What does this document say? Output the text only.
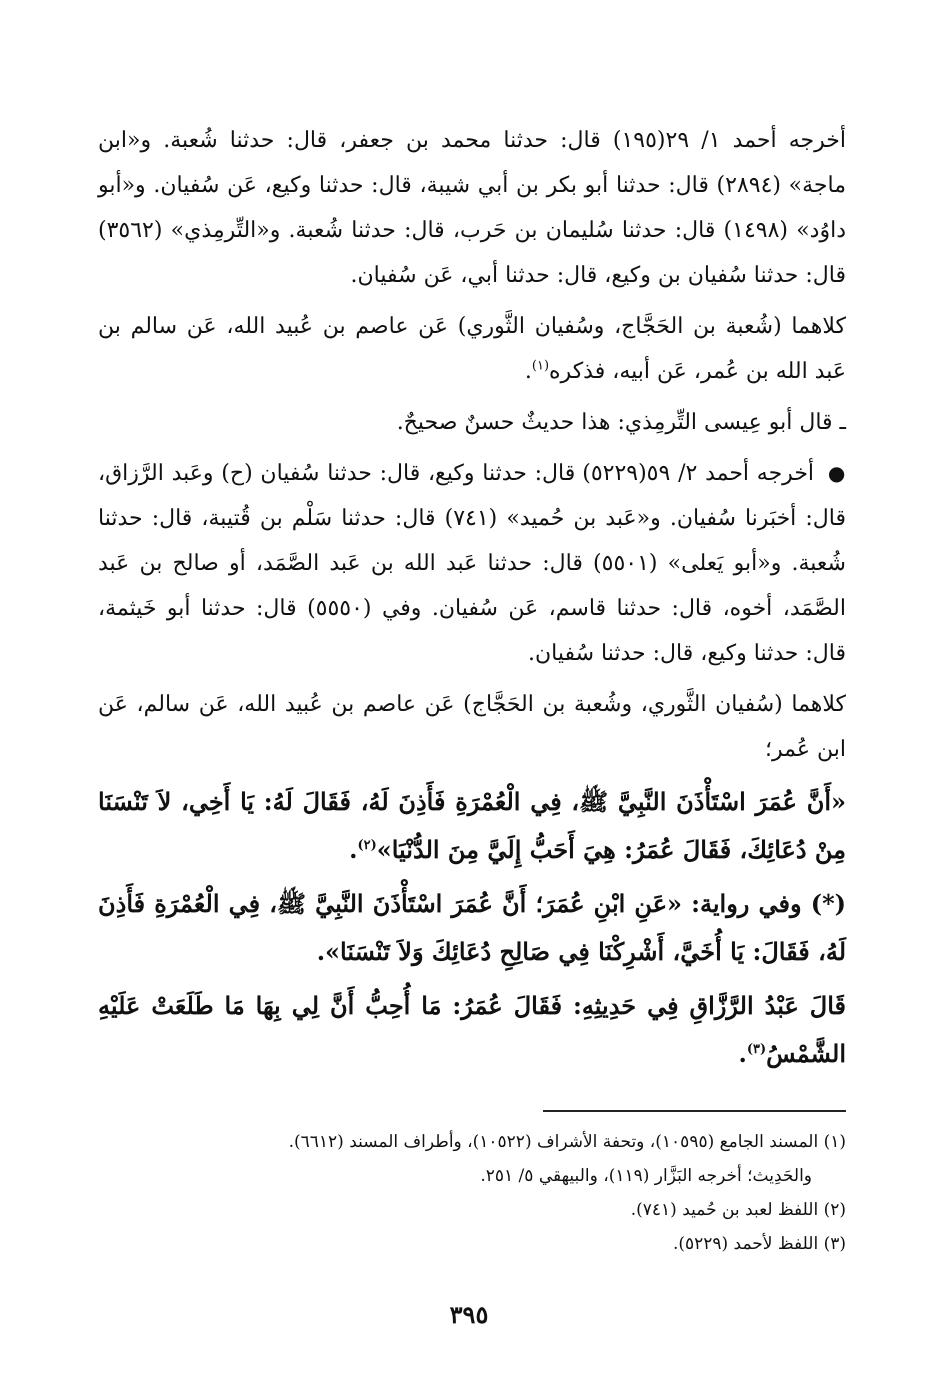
أخرجه أحمد ١/ ٢٩(١٩٥) قال: حدثنا محمد بن جعفر، قال: حدثنا شُعبة. و«ابن ماجة» (٢٨٩٤) قال: حدثنا أبو بكر بن أبي شيبة، قال: حدثنا وكيع، عَن سُفيان. و«أبو داوُد» (١٤٩٨) قال: حدثنا سُليمان بن حَرب، قال: حدثنا شُعبة. و«التِّرمِذي» (٣٥٦٢) قال: حدثنا سُفيان بن وكيع، قال: حدثنا أبي، عَن سُفيان.

كلاهما (شُعبة بن الحَجَّاج، وسُفيان الثَّوري) عَن عاصم بن عُبيد الله، عَن سالم بن عَبد الله بن عُمر، عَن أبيه، فذكره$^{(١)}$.

ـ قال أبو عِيسى التِّرمِذي: هذا حديثٌ حسنٌ صحيحٌ.

● أخرجه أحمد ٢/ ٥٩(٥٢٢٩) قال: حدثنا وكيع، قال: حدثنا سُفيان (ح) وعَبد الرَّزاق، قال: أخبَرنا سُفيان. و«عَبد بن حُميد» (٧٤١) قال: حدثنا سَلْم بن قُتيبة، قال: حدثنا شُعبة. و«أبو يَعلى» (٥٥٠١) قال: حدثنا عَبد الله بن عَبد الصَّمَد، أو صالح بن عَبد الصَّمَد، أخوه، قال: حدثنا قاسم، عَن سُفيان. وفي (٥٥٥٠) قال: حدثنا أبو خَيثمة، قال: حدثنا وكيع، قال: حدثنا سُفيان.

كلاهما (سُفيان الثَّوري، وشُعبة بن الحَجَّاج) عَن عاصم بن عُبيد الله، عَن سالم، عَن ابن عُمر؛

«أَنَّ عُمَرَ اسْتَأْذَنَ النَّبِيَّ ﷺ، فِي الْعُمْرَةِ فَأَذِنَ لَهُ، فَقَالَ لَهُ: يَا أَخِي، لاَ تَنْسَنَا مِنْ دُعَائِكَ، فَقَالَ عُمَرُ: هِيَ أَحَبُّ إِلَيَّ مِنَ الدُّنْيَا»$^{(٢)}$.

(*) وفي رواية: «عَنِ ابْنِ عُمَرَ؛ أَنَّ عُمَرَ اسْتَأْذَنَ النَّبِيَّ ﷺ، فِي الْعُمْرَةِ فَأَذِنَ لَهُ، فَقَالَ: يَا أُخَيَّ، أَشْرِكْنَا فِي صَالِحِ دُعَائِكَ وَلاَ تَنْسَنَا».

قَالَ عَبْدُ الرَّزَّاقِ فِي حَدِيثِهِ: فَقَالَ عُمَرُ: مَا أُحِبُّ أَنَّ لِي بِهَا مَا طَلَعَتْ عَلَيْهِ الشَّمْسُ$^{(٣)}$.

(١) المسند الجامع (١٠٥٩٥)، وتحفة الأشراف (١٠٥٢٢)، وأطراف المسند (٦٦١٢).

والحَدِيث؛ أخرجه البَزَّار (١١٩)، والبيهقي ٥/ ٢٥١.

(٢) اللفظ لعبد بن حُميد (٧٤١).

(٣) اللفظ لأحمد (٥٢٢٩).

٣٩٥
